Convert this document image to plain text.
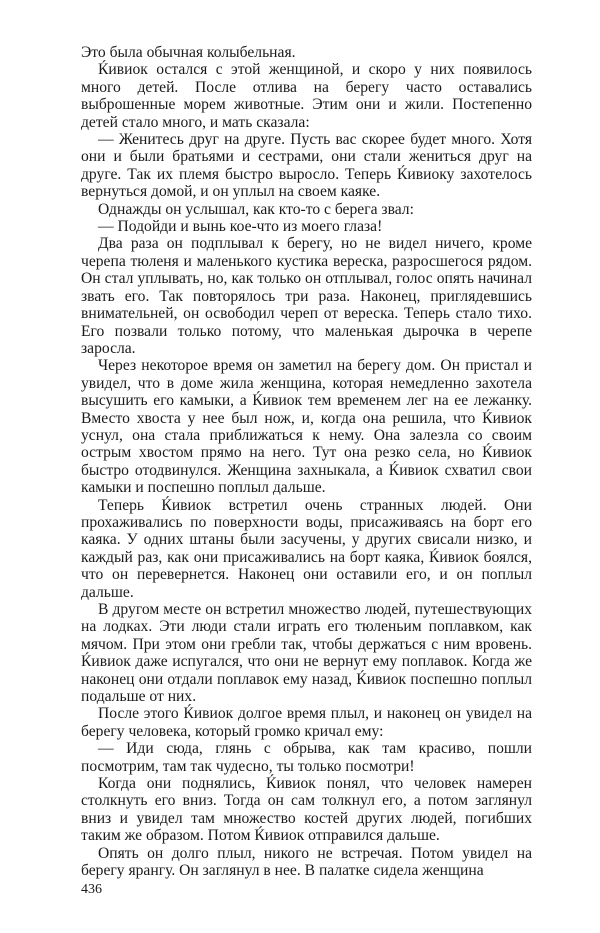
Это была обычная колыбельная.

Ќивиок остался с этой женщиной, и скоро у них появилось много детей. После отлива на берегу часто оставались выброшенные морем животные. Этим они и жили. Постепенно детей стало много, и мать сказала:

— Женитесь друг на друге. Пусть вас скорее будет много. Хотя они и были братьями и сестрами, они стали жениться друг на друге. Так их племя быстро выросло. Теперь Ќивиоку захотелось вернуться домой, и он уплыл на своем каяке.

Однажды он услышал, как кто-то с берега звал:

— Подойди и вынь кое-что из моего глаза!

Два раза он подплывал к берегу, но не видел ничего, кроме черепа тюленя и маленького кустика вереска, разросшегося рядом. Он стал уплывать, но, как только он отплывал, голос опять начинал звать его. Так повторялось три раза. Наконец, приглядевшись внимательней, он освободил череп от вереска. Теперь стало тихо. Его позвали только потому, что маленькая дырочка в черепе заросла.

Через некоторое время он заметил на берегу дом. Он пристал и увидел, что в доме жила женщина, которая немедленно захотела высушить его камыки, а Ќивиок тем временем лег на ее лежанку. Вместо хвоста у нее был нож, и, когда она решила, что Ќивиок уснул, она стала приближаться к нему. Она залезла со своим острым хвостом прямо на него. Тут она резко села, но Ќивиок быстро отодвинулся. Женщина захныкала, а Ќивиок схватил свои камыки и поспешно поплыл дальше.

Теперь Ќивиок встретил очень странных людей. Они прохаживались по поверхности воды, присаживаясь на борт его каяка. У одних штаны были засучены, у других свисали низко, и каждый раз, как они присаживались на борт каяка, Ќивиок боялся, что он перевернется. Наконец они оставили его, и он поплыл дальше.

В другом месте он встретил множество людей, путешествующих на лодках. Эти люди стали играть его тюленьим поплавком, как мячом. При этом они гребли так, чтобы держаться с ним вровень. Ќивиок даже испугался, что они не вернут ему поплавок. Когда же наконец они отдали поплавок ему назад, Ќивиок поспешно поплыл подальше от них.

После этого Ќивиок долгое время плыл, и наконец он увидел на берегу человека, который громко кричал ему:

— Иди сюда, глянь с обрыва, как там красиво, пошли посмотрим, там так чудесно, ты только посмотри!

Когда они поднялись, Ќивиок понял, что человек намерен столкнуть его вниз. Тогда он сам толкнул его, а потом заглянул вниз и увидел там множество костей других людей, погибших таким же образом. Потом Ќивиок отправился дальше.

Опять он долго плыл, никого не встречая. Потом увидел на берегу ярангу. Он заглянул в нее. В палатке сидела женщина

436
